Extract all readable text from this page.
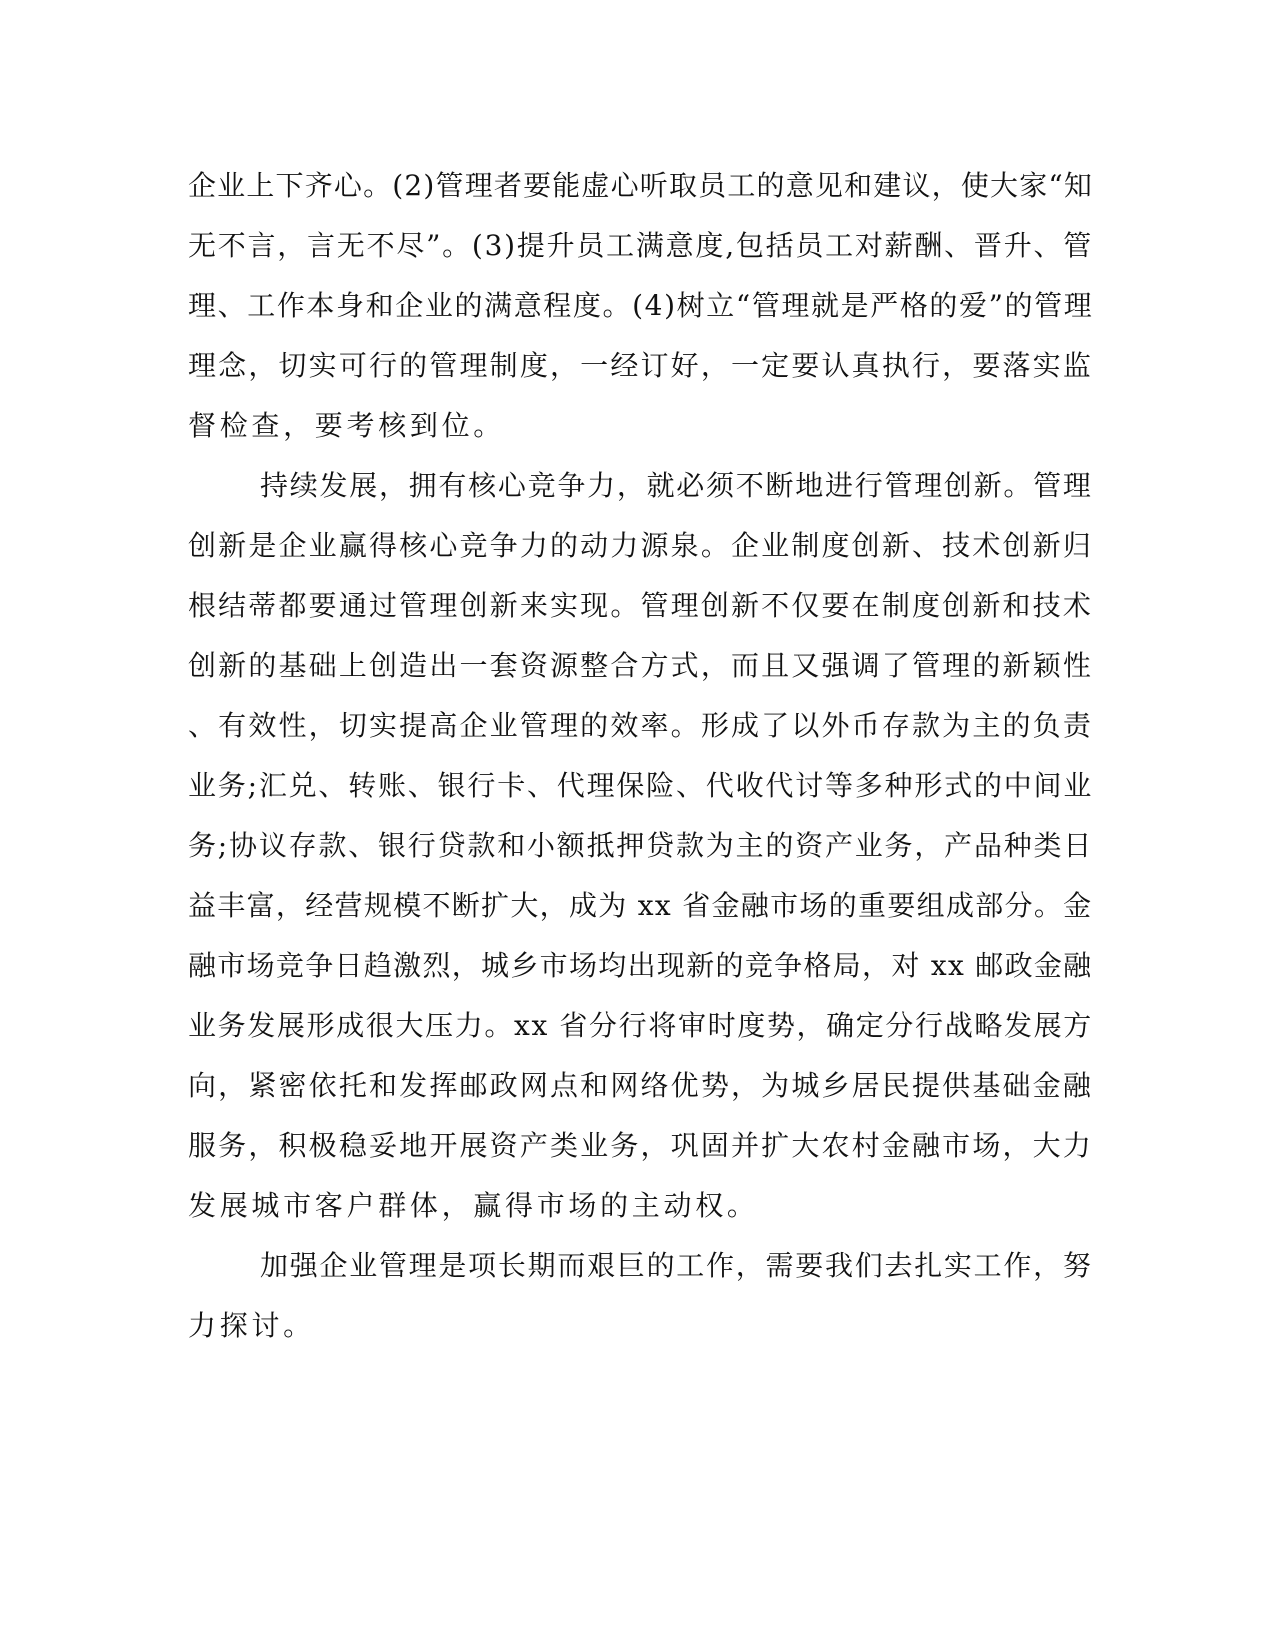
企业上下齐心。(2)管理者要能虚心听取员工的意见和建议，使大家“知
无不言，言无不尽”。(3)提升员工满意度,包括员工对薪酬、晋升、管
理、工作本身和企业的满意程度。(4)树立“管理就是严格的爱”的管理
理念，切实可行的管理制度，一经订好，一定要认真执行，要落实监
督检查，要考核到位。
持续发展，拥有核心竞争力，就必须不断地进行管理创新。管理
创新是企业赢得核心竞争力的动力源泉。企业制度创新、技术创新归
根结蒂都要通过管理创新来实现。管理创新不仅要在制度创新和技术
创新的基础上创造出一套资源整合方式，而且又强调了管理的新颖性
、有效性，切实提高企业管理的效率。形成了以外币存款为主的负责
业务;汇兑、转账、银行卡、代理保险、代收代讨等多种形式的中间业
务;协议存款、银行贷款和小额抵押贷款为主的资产业务，产品种类日
益丰富，经营规模不断扩大，成为 xx 省金融市场的重要组成部分。金
融市场竞争日趋激烈，城乡市场均出现新的竞争格局，对 xx 邮政金融
业务发展形成很大压力。xx 省分行将审时度势，确定分行战略发展方
向，紧密依托和发挥邮政网点和网络优势，为城乡居民提供基础金融
服务，积极稳妥地开展资产类业务，巩固并扩大农村金融市场，大力
发展城市客户群体，赢得市场的主动权。
加强企业管理是项长期而艰巨的工作，需要我们去扎实工作，努
力探讨。
